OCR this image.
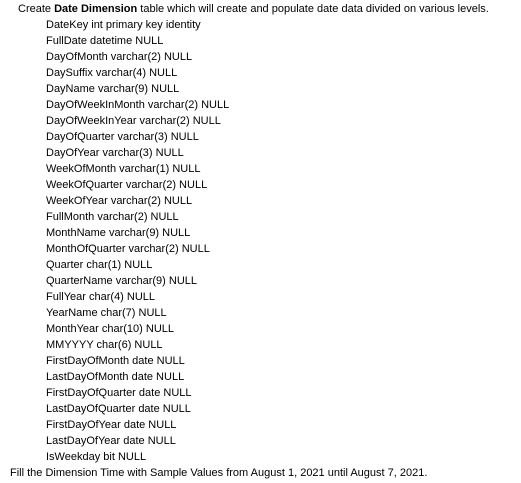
Create Date Dimension table which will create and populate date data divided on various levels.
DateKey int primary key identity
FullDate datetime NULL
DayOfMonth varchar(2) NULL
DaySuffix varchar(4) NULL
DayName varchar(9) NULL
DayOfWeekInMonth varchar(2) NULL
DayOfWeekInYear varchar(2) NULL
DayOfQuarter varchar(3) NULL
DayOfYear varchar(3) NULL
WeekOfMonth varchar(1) NULL
WeekOfQuarter varchar(2) NULL
WeekOfYear varchar(2) NULL
FullMonth varchar(2) NULL
MonthName varchar(9) NULL
MonthOfQuarter varchar(2) NULL
Quarter char(1) NULL
QuarterName varchar(9) NULL
FullYear char(4) NULL
YearName char(7) NULL
MonthYear char(10) NULL
MMYYYY char(6) NULL
FirstDayOfMonth date NULL
LastDayOfMonth date NULL
FirstDayOfQuarter date NULL
LastDayOfQuarter date NULL
FirstDayOfYear date NULL
LastDayOfYear date NULL
IsWeekday bit NULL
Fill the Dimension Time with Sample Values from August 1, 2021 until August 7, 2021.
